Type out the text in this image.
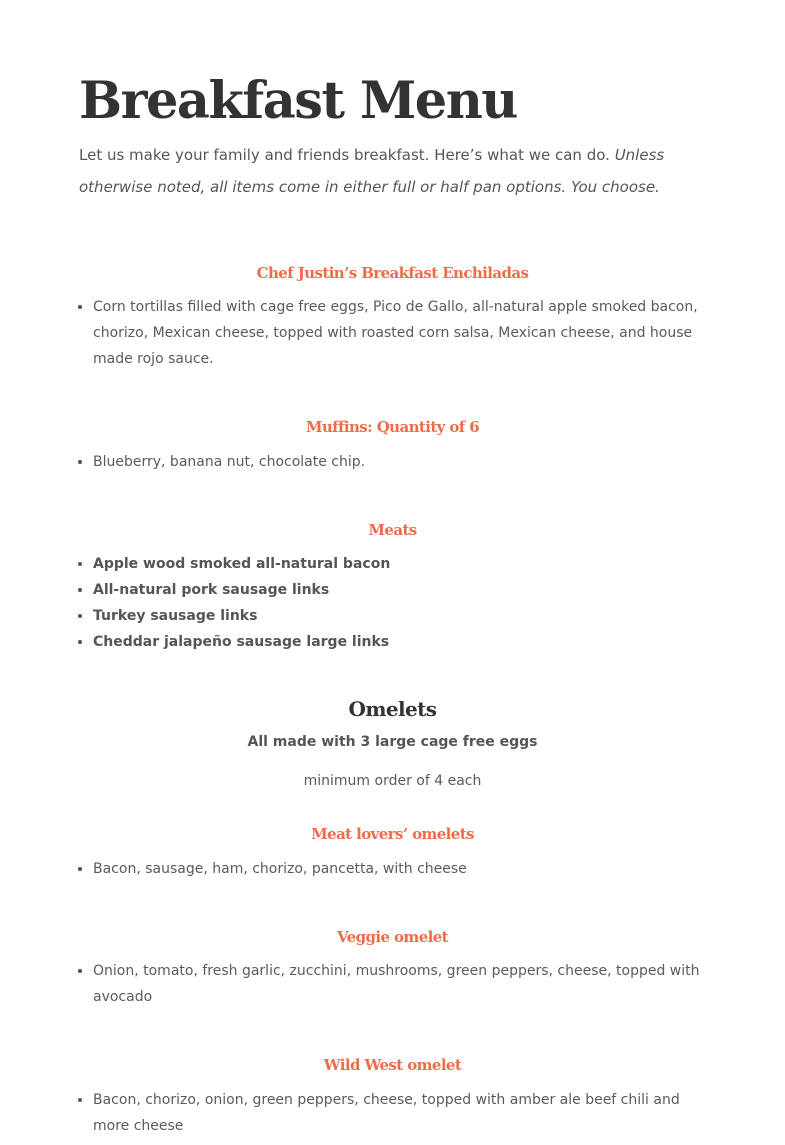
Breakfast Menu

Let us make your family and friends breakfast. Here’s what we can do. Unless otherwise noted, all items come in either full or half pan options. You choose.

Chef Justin’s Breakfast Enchiladas
• Corn tortillas filled with cage free eggs, Pico de Gallo, all-natural apple smoked bacon, chorizo, Mexican cheese, topped with roasted corn salsa, Mexican cheese, and house made rojo sauce.
Muffins: Quantity of 6
• Blueberry, banana nut, chocolate chip.
Meats
• Apple wood smoked all-natural bacon
• All-natural pork sausage links
• Turkey sausage links
• Cheddar jalapeño sausage large links
Omelets

All made with 3 large cage free eggs

minimum order of 4 each

Meat lovers’ omelets
• Bacon, sausage, ham, chorizo, pancetta, with cheese
Veggie omelet
• Onion, tomato, fresh garlic, zucchini, mushrooms, green peppers, cheese, topped with avocado
Wild West omelet
• Bacon, chorizo, onion, green peppers, cheese, topped with amber ale beef chili and more cheese
